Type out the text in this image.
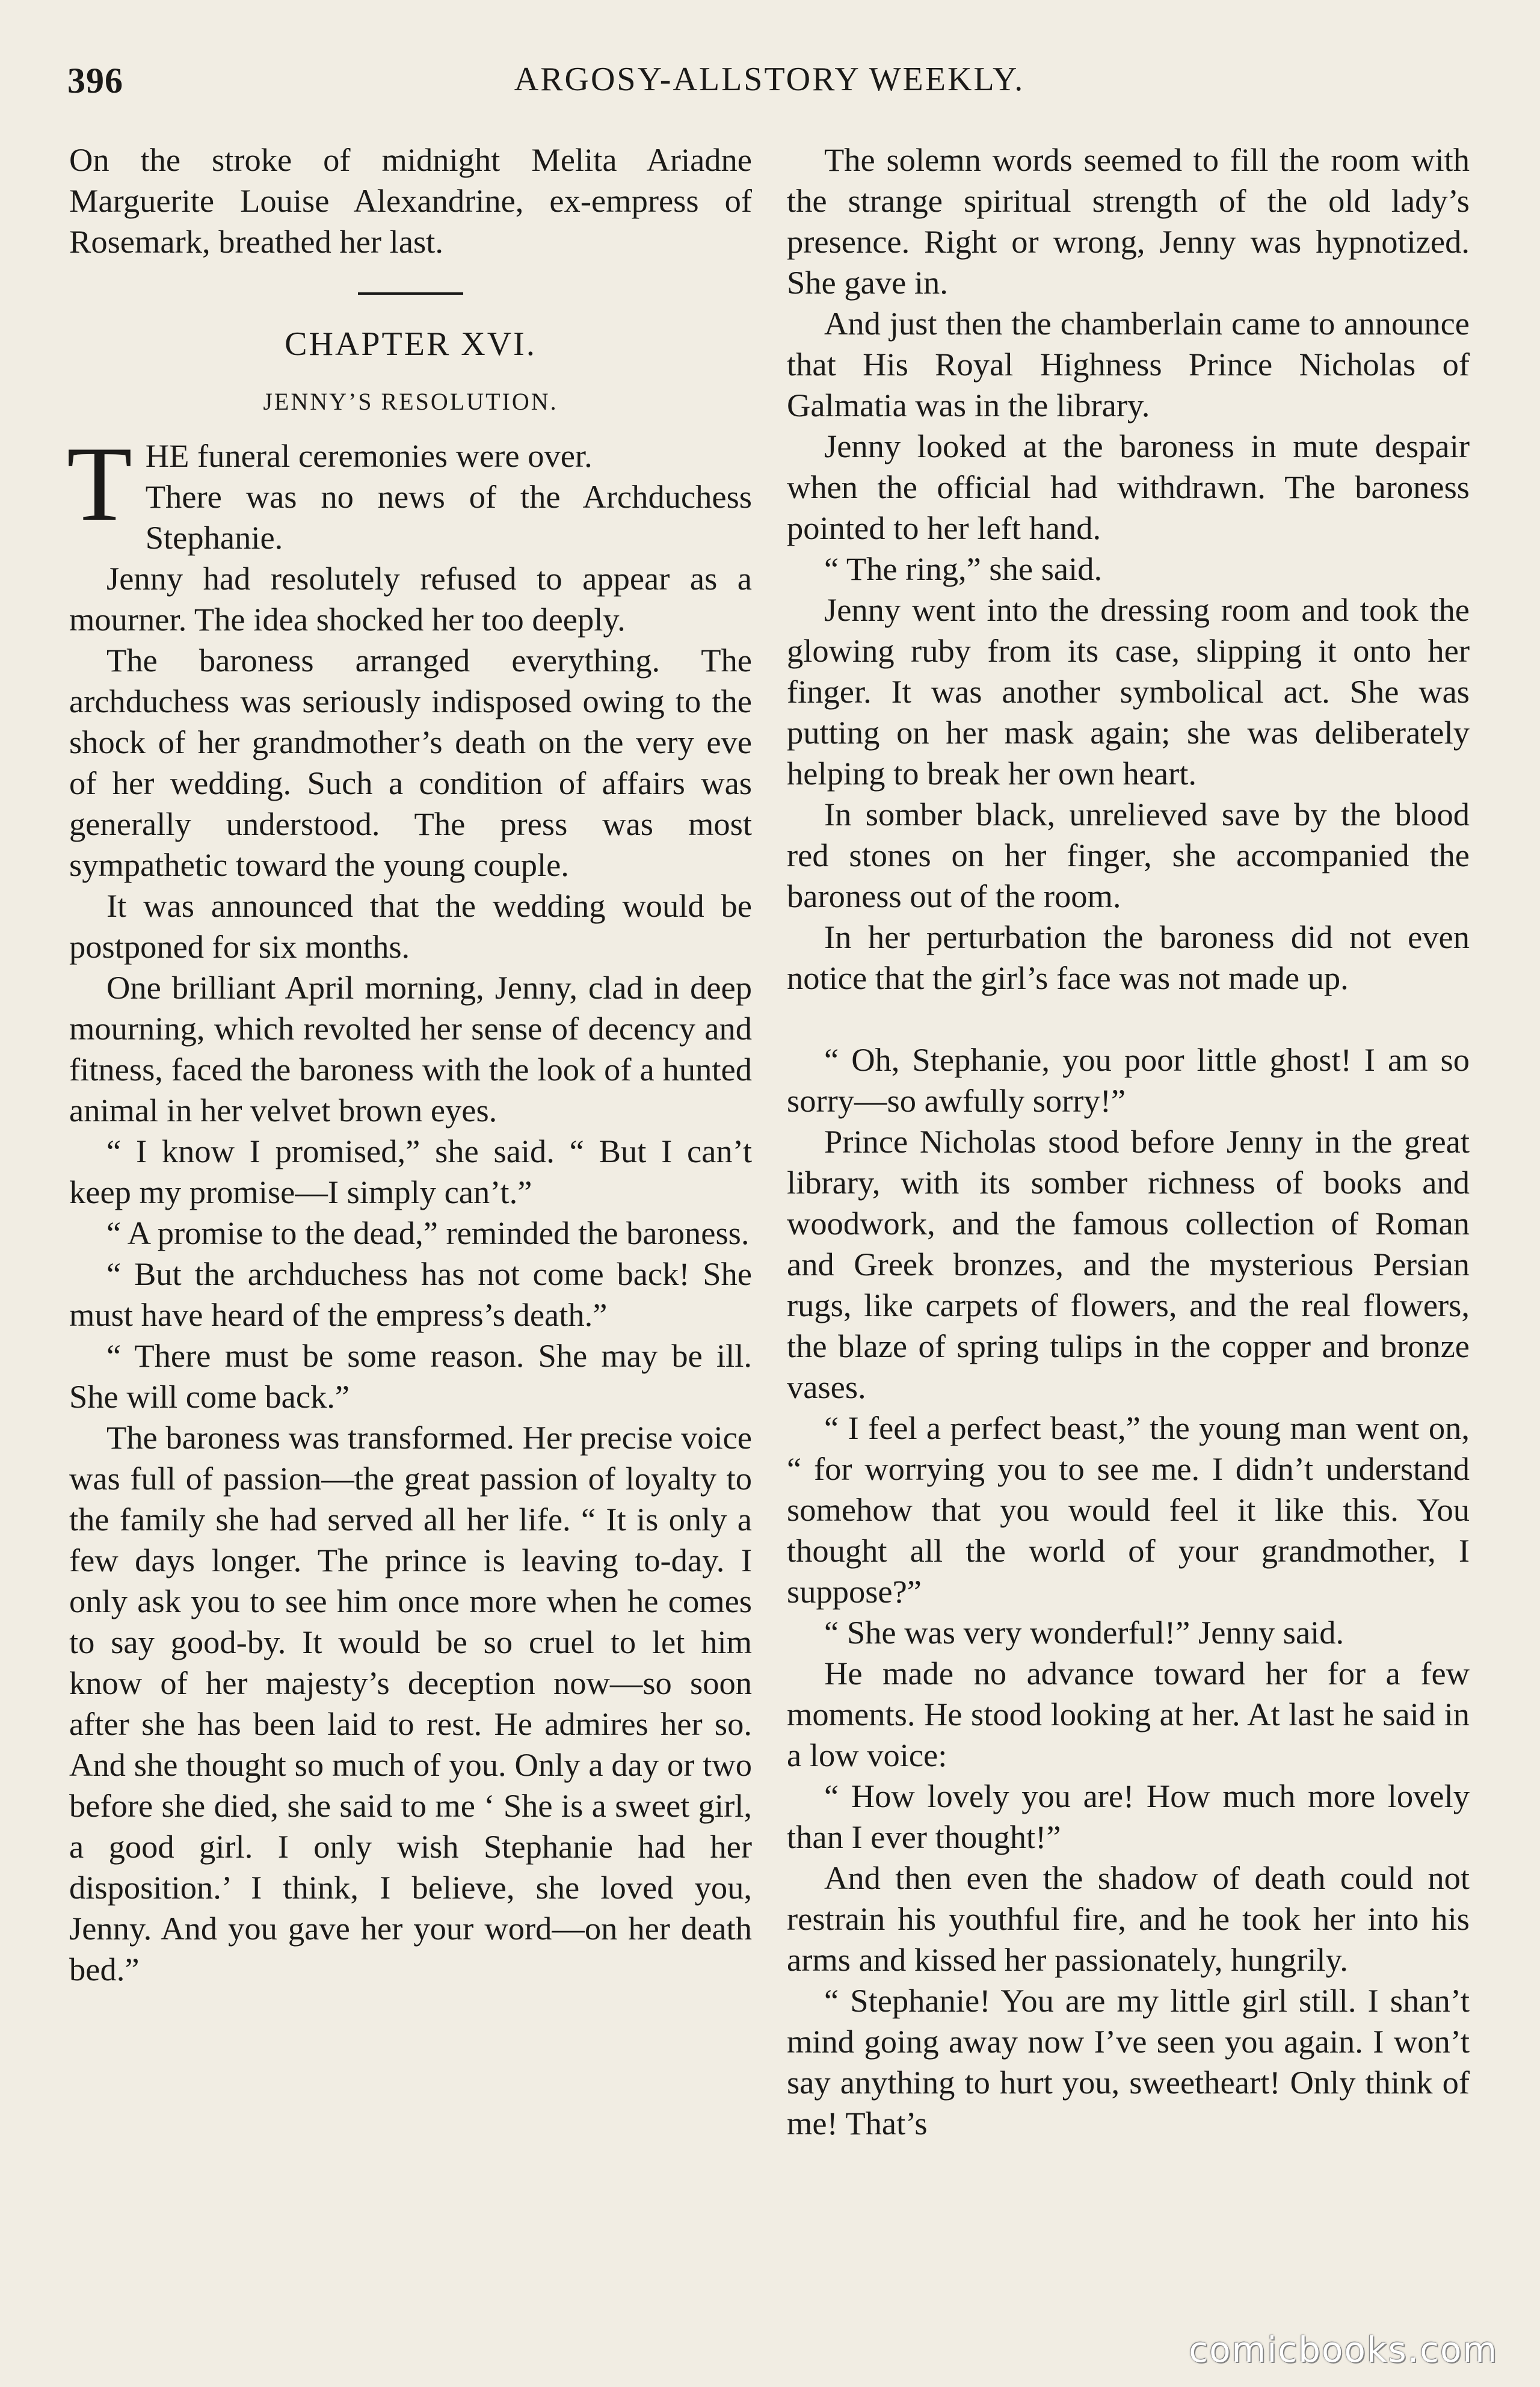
396	ARGOSY-ALLSTORY WEEKLY.

On the stroke of midnight Melita Ariadne Marguerite Louise Alexandrine, ex-empress of Rosemark, breathed her last.

CHAPTER XVI.
JENNY’S RESOLUTION.

THE funeral ceremonies were over.

There was no news of the Archduchess Stephanie.

Jenny had resolutely refused to appear as a mourner. The idea shocked her too deeply.

The baroness arranged everything. The archduchess was seriously indisposed owing to the shock of her grandmother’s death on the very eve of her wedding. Such a condition of affairs was generally understood. The press was most sympathetic toward the young couple.

It was announced that the wedding would be postponed for six months.

One brilliant April morning, Jenny, clad in deep mourning, which revolted her sense of decency and fitness, faced the baroness with the look of a hunted animal in her velvet brown eyes.

“ I know I promised,” she said. “ But I can’t keep my promise—I simply can’t.”

“ A promise to the dead,” reminded the baroness.

“ But the archduchess has not come back! She must have heard of the empress’s death.”

“ There must be some reason. She may be ill. She will come back.”

The baroness was transformed. Her precise voice was full of passion—the great passion of loyalty to the family she had served all her life. “ It is only a few days longer. The prince is leaving to-day. I only ask you to see him once more when he comes to say good-by. It would be so cruel to let him know of her majesty’s deception now—so soon after she has been laid to rest. He admires her so. And she thought so much of you. Only a day or two before she died, she said to me ‘ She is a sweet girl, a good girl. I only wish Stephanie had her disposition.’ I think, I believe, she loved you, Jenny. And you gave her your word—on her death bed.”

The solemn words seemed to fill the room with the strange spiritual strength of the old lady’s presence. Right or wrong, Jenny was hypnotized. She gave in.

And just then the chamberlain came to announce that His Royal Highness Prince Nicholas of Galmatia was in the library.

Jenny looked at the baroness in mute despair when the official had withdrawn. The baroness pointed to her left hand.

“ The ring,” she said.

Jenny went into the dressing room and took the glowing ruby from its case, slipping it onto her finger. It was another symbolical act. She was putting on her mask again; she was deliberately helping to break her own heart.

In somber black, unrelieved save by the blood red stones on her finger, she accompanied the baroness out of the room.

In her perturbation the baroness did not even notice that the girl’s face was not made up.

“ Oh, Stephanie, you poor little ghost! I am so sorry—so awfully sorry!”

Prince Nicholas stood before Jenny in the great library, with its somber richness of books and woodwork, and the famous collection of Roman and Greek bronzes, and the mysterious Persian rugs, like carpets of flowers, and the real flowers, the blaze of spring tulips in the copper and bronze vases.

“ I feel a perfect beast,” the young man went on, “ for worrying you to see me. I didn’t understand somehow that you would feel it like this. You thought all the world of your grandmother, I suppose?”

“ She was very wonderful!” Jenny said.

He made no advance toward her for a few moments. He stood looking at her. At last he said in a low voice:

“ How lovely you are! How much more lovely than I ever thought!”

And then even the shadow of death could not restrain his youthful fire, and he took her into his arms and kissed her passionately, hungrily.

“ Stephanie! You are my little girl still. I shan’t mind going away now I’ve seen you again. I won’t say anything to hurt you, sweetheart! Only think of me! That’s

comicbooks.com
